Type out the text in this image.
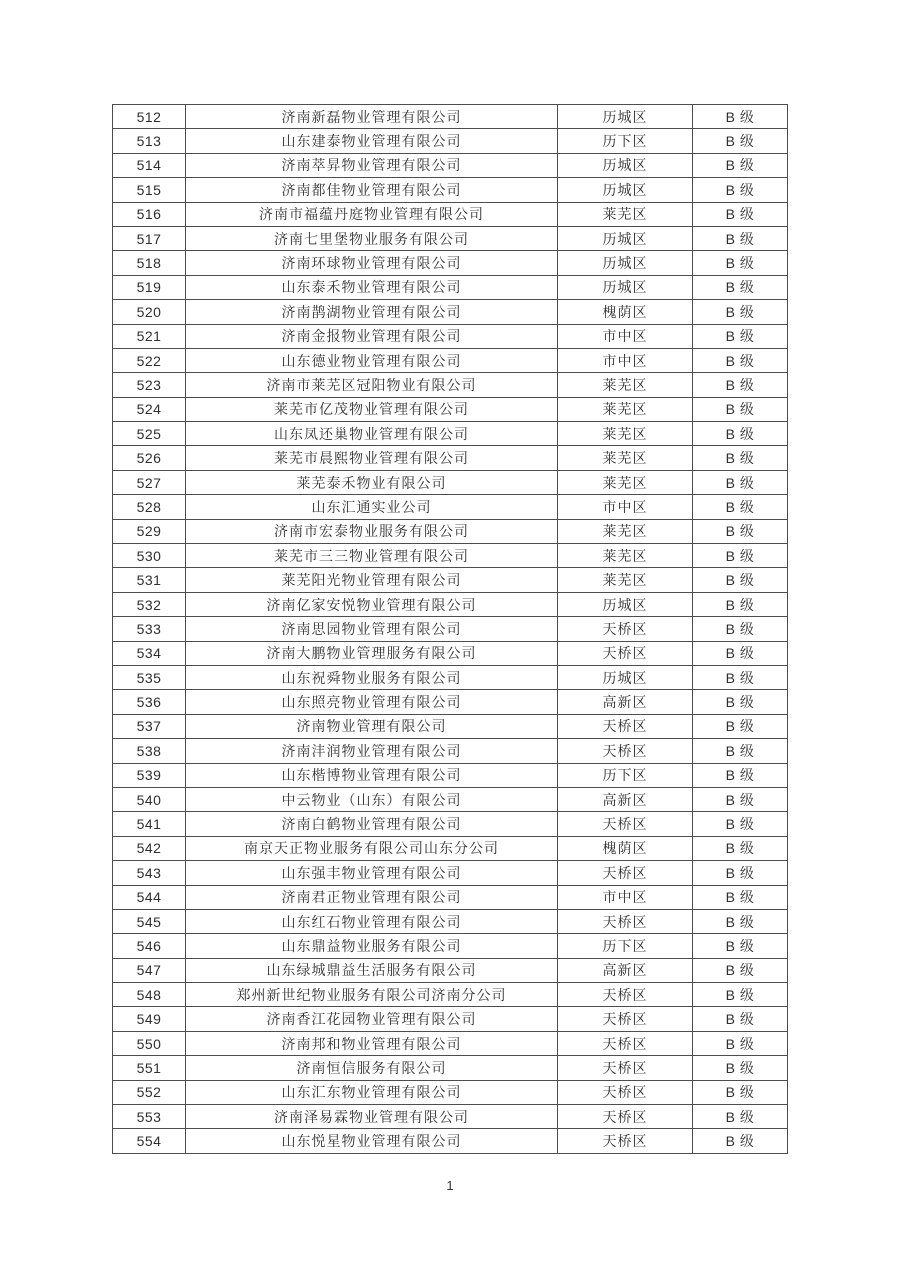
512	济南新磊物业管理有限公司	历城区	B 级
513	山东建泰物业管理有限公司	历下区	B 级
514	济南萃昇物业管理有限公司	历城区	B 级
515	济南都佳物业管理有限公司	历城区	B 级
516	济南市福蕴丹庭物业管理有限公司	莱芜区	B 级
517	济南七里堡物业服务有限公司	历城区	B 级
518	济南环球物业管理有限公司	历城区	B 级
519	山东泰禾物业管理有限公司	历城区	B 级
520	济南鹊湖物业管理有限公司	槐荫区	B 级
521	济南金报物业管理有限公司	市中区	B 级
522	山东德业物业管理有限公司	市中区	B 级
523	济南市莱芜区冠阳物业有限公司	莱芜区	B 级
524	莱芜市亿茂物业管理有限公司	莱芜区	B 级
525	山东凤还巢物业管理有限公司	莱芜区	B 级
526	莱芜市晨熙物业管理有限公司	莱芜区	B 级
527	莱芜泰禾物业有限公司	莱芜区	B 级
528	山东汇通实业公司	市中区	B 级
529	济南市宏泰物业服务有限公司	莱芜区	B 级
530	莱芜市三三物业管理有限公司	莱芜区	B 级
531	莱芜阳光物业管理有限公司	莱芜区	B 级
532	济南亿家安悦物业管理有限公司	历城区	B 级
533	济南思园物业管理有限公司	天桥区	B 级
534	济南大鹏物业管理服务有限公司	天桥区	B 级
535	山东祝舜物业服务有限公司	历城区	B 级
536	山东照亮物业管理有限公司	高新区	B 级
537	济南物业管理有限公司	天桥区	B 级
538	济南沣润物业管理有限公司	天桥区	B 级
539	山东楷博物业管理有限公司	历下区	B 级
540	中云物业（山东）有限公司	高新区	B 级
541	济南白鹤物业管理有限公司	天桥区	B 级
542	南京天正物业服务有限公司山东分公司	槐荫区	B 级
543	山东强丰物业管理有限公司	天桥区	B 级
544	济南君正物业管理有限公司	市中区	B 级
545	山东红石物业管理有限公司	天桥区	B 级
546	山东鼎益物业服务有限公司	历下区	B 级
547	山东绿城鼎益生活服务有限公司	高新区	B 级
548	郑州新世纪物业服务有限公司济南分公司	天桥区	B 级
549	济南香江花园物业管理有限公司	天桥区	B 级
550	济南邦和物业管理有限公司	天桥区	B 级
551	济南恒信服务有限公司	天桥区	B 级
552	山东汇东物业管理有限公司	天桥区	B 级
553	济南泽易霖物业管理有限公司	天桥区	B 级
554	山东悦星物业管理有限公司	天桥区	B 级
1
